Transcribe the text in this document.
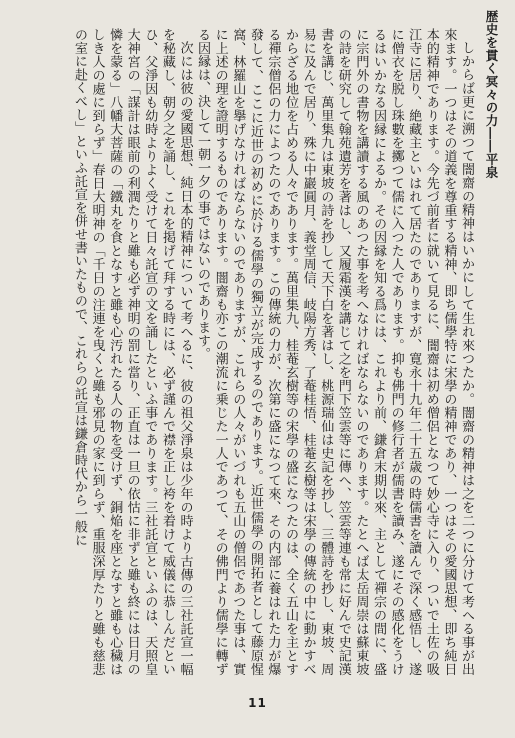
歴史を貫く冥々の力――平泉

しからば更に溯つて闇齋の精神はいかにして生れ來つたか。闇齋の精神は之を二つに分けて考へる事が出來ます。一つはその道義を尊重する精神、即ち儒學特に宋學の精神であり、一つはその愛國思想、即ち純日本的精神であります。今先づ前者に就いて見るに、闇齋は初め僧侶となつて妙心寺に入り、ついで土佐の吸江寺に居り、絶藏主といはれて居たのでありますが、寛永十九年二十五歳の時儒書を讀んで深く感悟し、遂に僧衣を脱し珠數を擲つて儒に入つた人であります。抑も佛門の修行者が儒書を讀み、遂にその感化をうけるはいかなる因縁によるか。その因縁を知る爲には、これより前、鎌倉末期以來、主として禪宗の間に、盛に宗門外の書物を講讀する風のあつた事を考へなければならないのであります。たとへば太岳周崇は蘇東坡の詩を研究して翰苑遺芳を著はし、又履霜漢を講じて之を門下笠雲等に傳へ、笠雲等連も常に好んで史記漢書を講じ、萬里集九は東坡の詩を抄して天下白を著はし、桃源瑞仙は史記を抄し、三體詩を抄し、東坡、周易に及んで居り、殊に中巖圓月、義堂周信、岐陽方秀、了菴桂悟、桂菴玄樹等は宋學の傳統の中に動かすべからざる地位を占める人々であります。萬里集九、桂菴玄樹等の宋學の盛になつたのは、全く五山を主とする禪宗僧侶の力によつたのであります。この傳統の力が、次第に盛になつて來、その内部に養はれた力が爆發して、ここに近世の初めに於ける儒學の獨立が完成するのであります。近世儒學の開拓者として藤原惺窩、林羅山を擧げなければならないのでありますが、これらの人々がいづれも五山の僧侶であつた事は、實に上述の理を證明するものであります。闇齋も亦この潮流に乗じた一人であつて、その佛門より儒學に轉ずる因縁は、決して一朝一夕の事ではないのであります。

次には彼の愛國思想、純日本的精神について考へるに、彼の祖父淨泉は少年の時より古傳の三社託宣一幅を秘藏し、朝夕之を誦し、これを掲げて拜する時には、必ず謹んで襟を正し袴を着けて威儀に恭しんだといひ、父淨因も幼時よりよく受けて日々託宣の文を誦したといふ事であります。三社託宣といふのは、天照皇大神宮の「謀計は眼前の利潤たりと雖も必ず神明の罰に當り、正直は一旦の依怙に非ずと雖も終には日月の憐を蒙る」八幡大菩薩の「鐵丸を食となすと雖も心汚れたる人の物を受けず、銅焔を座となすと雖も心穢はしき人の處に到らず」春日大明神の「千日の注連を曳くと雖も邪見の家に到らず、重服深厚たりと雖も慈悲の室に赴くべし」といふ託宣を併せ書いたもので、これらの託宣は鎌倉時代から一般に

11
